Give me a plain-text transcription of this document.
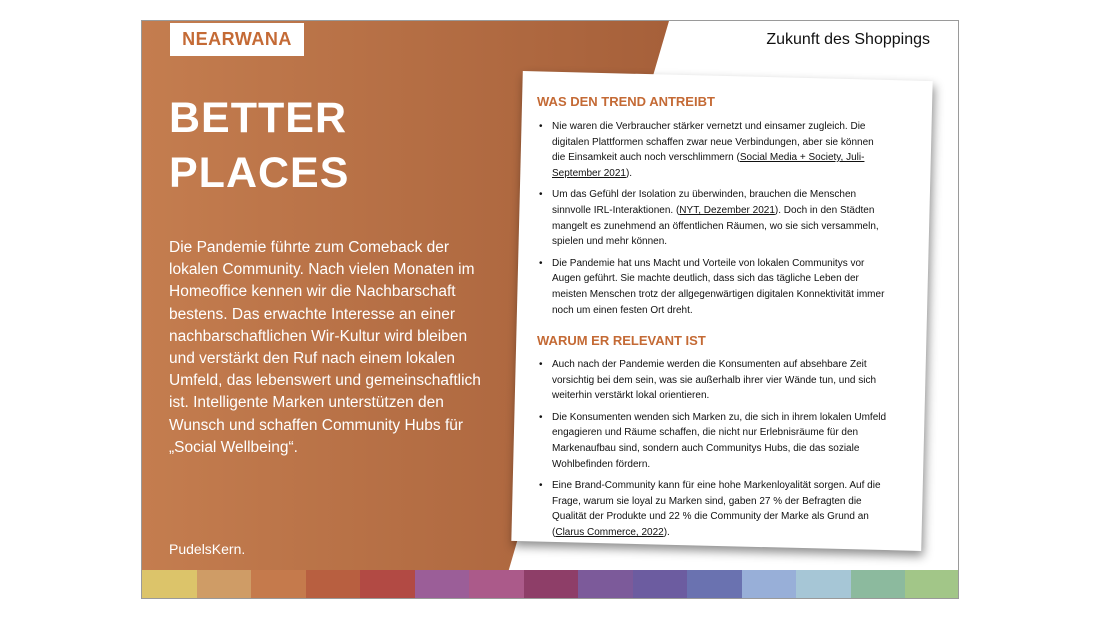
NEARWANA	Zukunft des Shoppings
BETTER
PLACES

Die Pandemie führte zum Comeback der lokalen Community. Nach vielen Monaten im Homeoffice kennen wir die Nachbarschaft bestens. Das erwachte Interesse an einer nachbarschaftlichen Wir-Kultur wird bleiben und verstärkt den Ruf nach einem lokalen Umfeld, das lebenswert und gemeinschaftlich ist. Intelligente Marken unterstützen den Wunsch und schaffen Community Hubs für „Social Wellbeing“.

PudelsKern.
WAS DEN TREND ANTREIBT
• Nie waren die Verbraucher stärker vernetzt und einsamer zugleich. Die digitalen Plattformen schaffen zwar neue Verbindungen, aber sie können die Einsamkeit auch noch verschlimmern (Social Media + Society, Juli-September 2021).
• Um das Gefühl der Isolation zu überwinden, brauchen die Menschen sinnvolle IRL-Interaktionen. (NYT, Dezember 2021). Doch in den Städten mangelt es zunehmend an öffentlichen Räumen, wo sie sich versammeln, spielen und mehr können.
• Die Pandemie hat uns Macht und Vorteile von lokalen Communitys vor Augen geführt. Sie machte deutlich, dass sich das tägliche Leben der meisten Menschen trotz der allgegenwärtigen digitalen Konnektivität immer noch um einen festen Ort dreht.
WARUM ER RELEVANT IST
• Auch nach der Pandemie werden die Konsumenten auf absehbare Zeit vorsichtig bei dem sein, was sie außerhalb ihrer vier Wände tun, und sich weiterhin verstärkt lokal orientieren.
• Die Konsumenten wenden sich Marken zu, die sich in ihrem lokalen Umfeld engagieren und Räume schaffen, die nicht nur Erlebnisräume für den Markenaufbau sind, sondern auch Communitys Hubs, die das soziale Wohlbefinden fördern.
• Eine Brand-Community kann für eine hohe Markenloyalität sorgen. Auf die Frage, warum sie loyal zu Marken sind, gaben 27 % der Befragten die Qualität der Produkte und 22 % die Community der Marke als Grund an (Clarus Commerce, 2022).
